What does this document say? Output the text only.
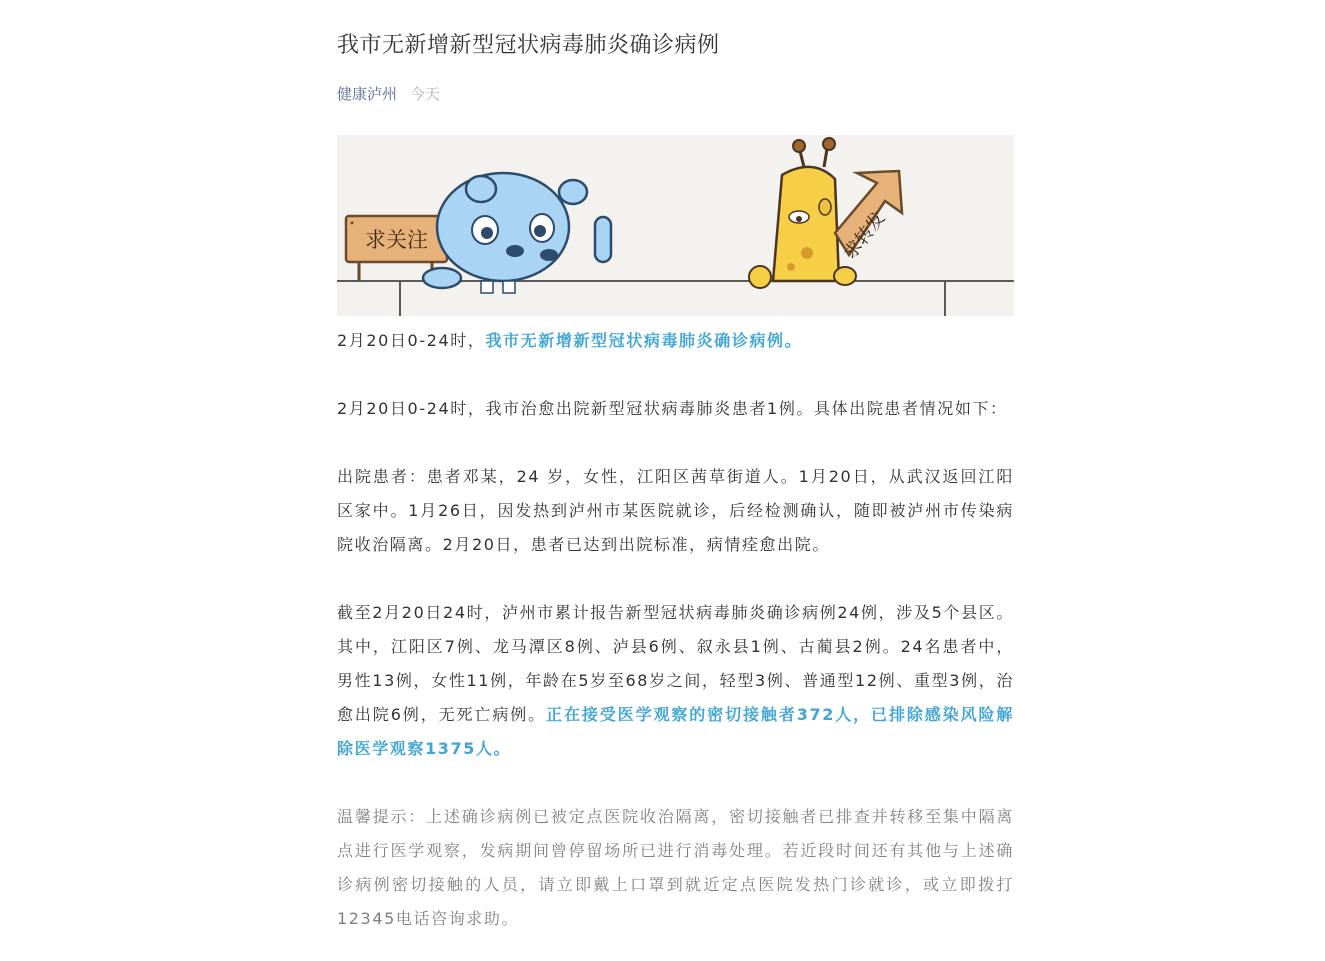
我市无新增新型冠状病毒肺炎确诊病例
健康泸州 今天
求关注	求转发

2月20日0-24时，我市无新增新型冠状病毒肺炎确诊病例。

2月20日0-24时，我市治愈出院新型冠状病毒肺炎患者1例。具体出院患者情况如下：

出院患者：患者邓某，24 岁，女性，江阳区茜草街道人。1月20日，从武汉返回江阳区家中。1月26日，因发热到泸州市某医院就诊，后经检测确认，随即被泸州市传染病院收治隔离。2月20日，患者已达到出院标准，病情痊愈出院。

截至2月20日24时，泸州市累计报告新型冠状病毒肺炎确诊病例24例，涉及5个县区。其中，江阳区7例、龙马潭区8例、泸县6例、叙永县1例、古蔺县2例。24名患者中，男性13例，女性11例，年龄在5岁至68岁之间，轻型3例、普通型12例、重型3例，治愈出院6例，无死亡病例。正在接受医学观察的密切接触者372人，已排除感染风险解除医学观察1375人。

温馨提示：上述确诊病例已被定点医院收治隔离，密切接触者已排查并转移至集中隔离点进行医学观察，发病期间曾停留场所已进行消毒处理。若近段时间还有其他与上述确诊病例密切接触的人员，请立即戴上口罩到就近定点医院发热门诊就诊，或立即拨打12345电话咨询求助。
